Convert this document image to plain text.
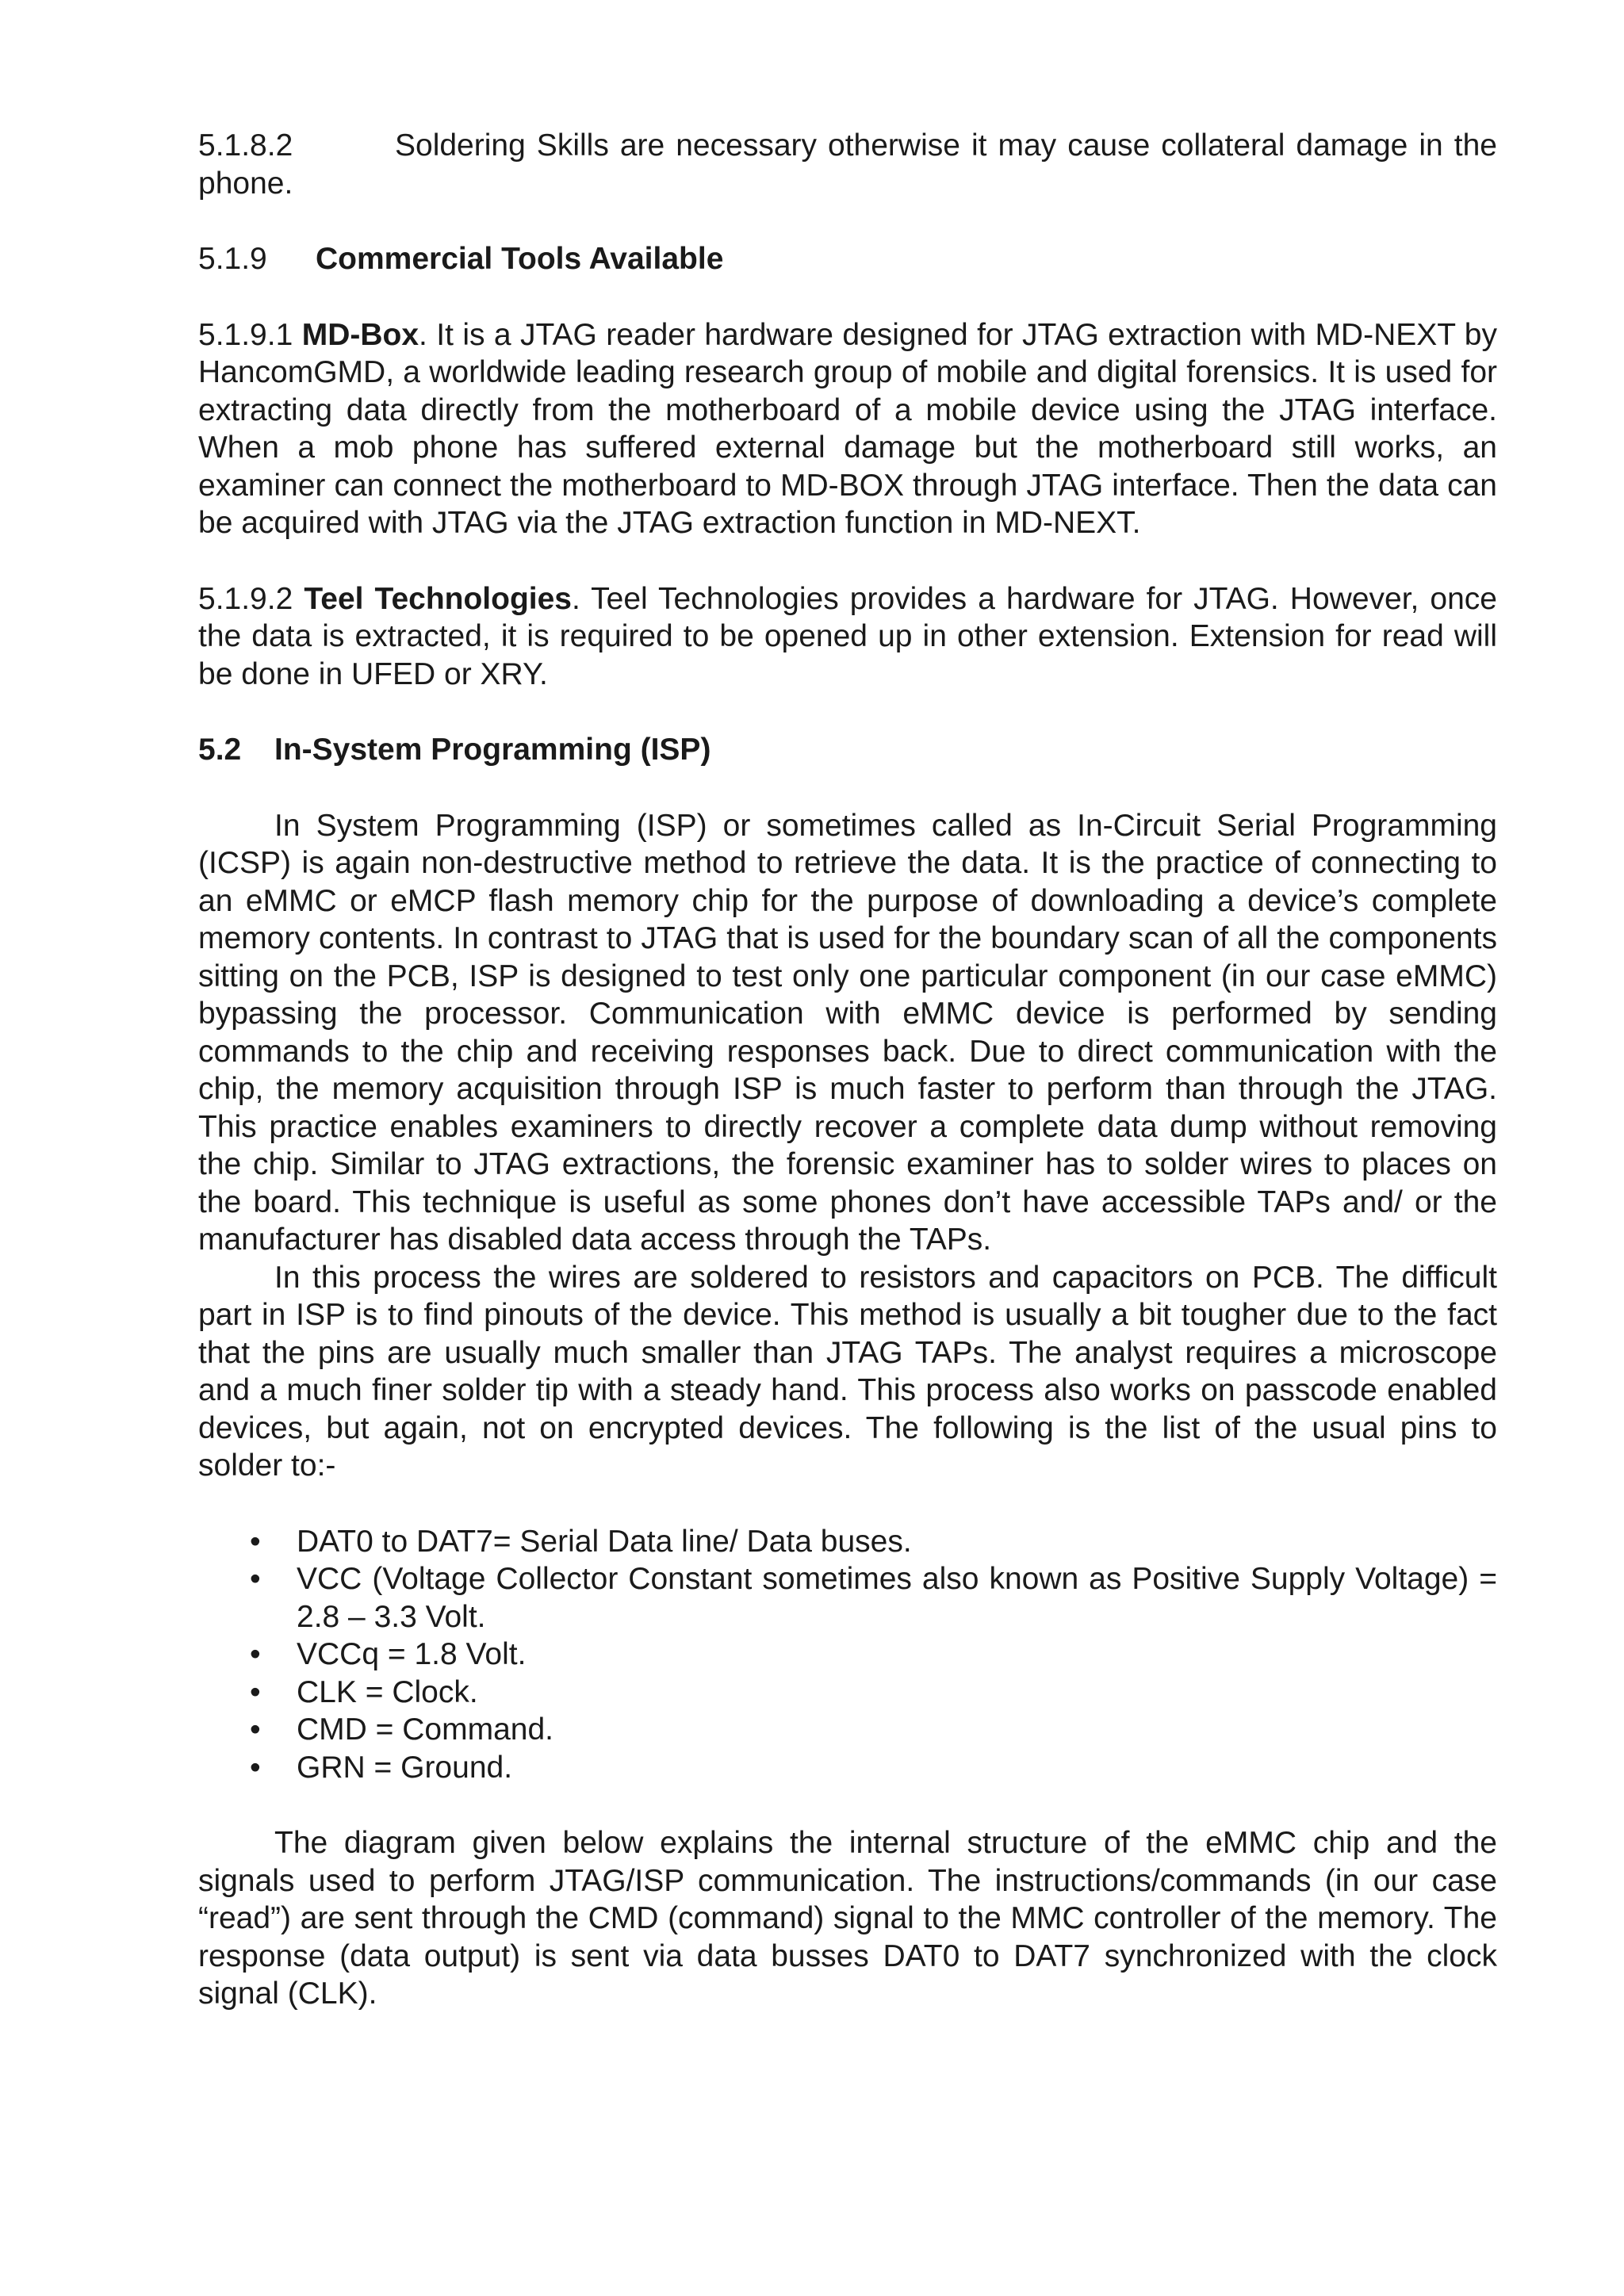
5.1.8.2	Soldering Skills are necessary otherwise it may cause collateral damage in the phone.

5.1.9 Commercial Tools Available

5.1.9.1 MD-Box. It is a JTAG reader hardware designed for JTAG extraction with MD-NEXT by HancomGMD, a worldwide leading research group of mobile and digital forensics. It is used for extracting data directly from the motherboard of a mobile device using the JTAG interface. When a mob phone has suffered external damage but the motherboard still works, an examiner can connect the motherboard to MD-BOX through JTAG interface. Then the data can be acquired with JTAG via the JTAG extraction function in MD-NEXT.

5.1.9.2 Teel Technologies. Teel Technologies provides a hardware for JTAG. However, once the data is extracted, it is required to be opened up in other extension. Extension for read will be done in UFED or XRY.

5.2 In-System Programming (ISP)

In System Programming (ISP) or sometimes called as In-Circuit Serial Programming (ICSP) is again non-destructive method to retrieve the data. It is the practice of connecting to an eMMC or eMCP flash memory chip for the purpose of downloading a device’s complete memory contents. In contrast to JTAG that is used for the boundary scan of all the components sitting on the PCB, ISP is designed to test only one particular component (in our case eMMC) bypassing the processor. Communication with eMMC device is performed by sending commands to the chip and receiving responses back. Due to direct communication with the chip, the memory acquisition through ISP is much faster to perform than through the JTAG. This practice enables examiners to directly recover a complete data dump without removing the chip. Similar to JTAG extractions, the forensic examiner has to solder wires to places on the board. This technique is useful as some phones don’t have accessible TAPs and/ or the manufacturer has disabled data access through the TAPs.

In this process the wires are soldered to resistors and capacitors on PCB. The difficult part in ISP is to find pinouts of the device. This method is usually a bit tougher due to the fact that the pins are usually much smaller than JTAG TAPs. The analyst requires a microscope and a much finer solder tip with a steady hand. This process also works on passcode enabled devices, but again, not on encrypted devices. The following is the list of the usual pins to solder to:-

• DAT0 to DAT7= Serial Data line/ Data buses.
• VCC (Voltage Collector Constant sometimes also known as Positive Supply Voltage) = 2.8 – 3.3 Volt.
• VCCq = 1.8 Volt.
• CLK = Clock.
• CMD = Command.
• GRN = Ground.

The diagram given below explains the internal structure of the eMMC chip and the signals used to perform JTAG/ISP communication. The instructions/commands (in our case “read”) are sent through the CMD (command) signal to the MMC controller of the memory. The response (data output) is sent via data busses DAT0 to DAT7 synchronized with the clock signal (CLK).
